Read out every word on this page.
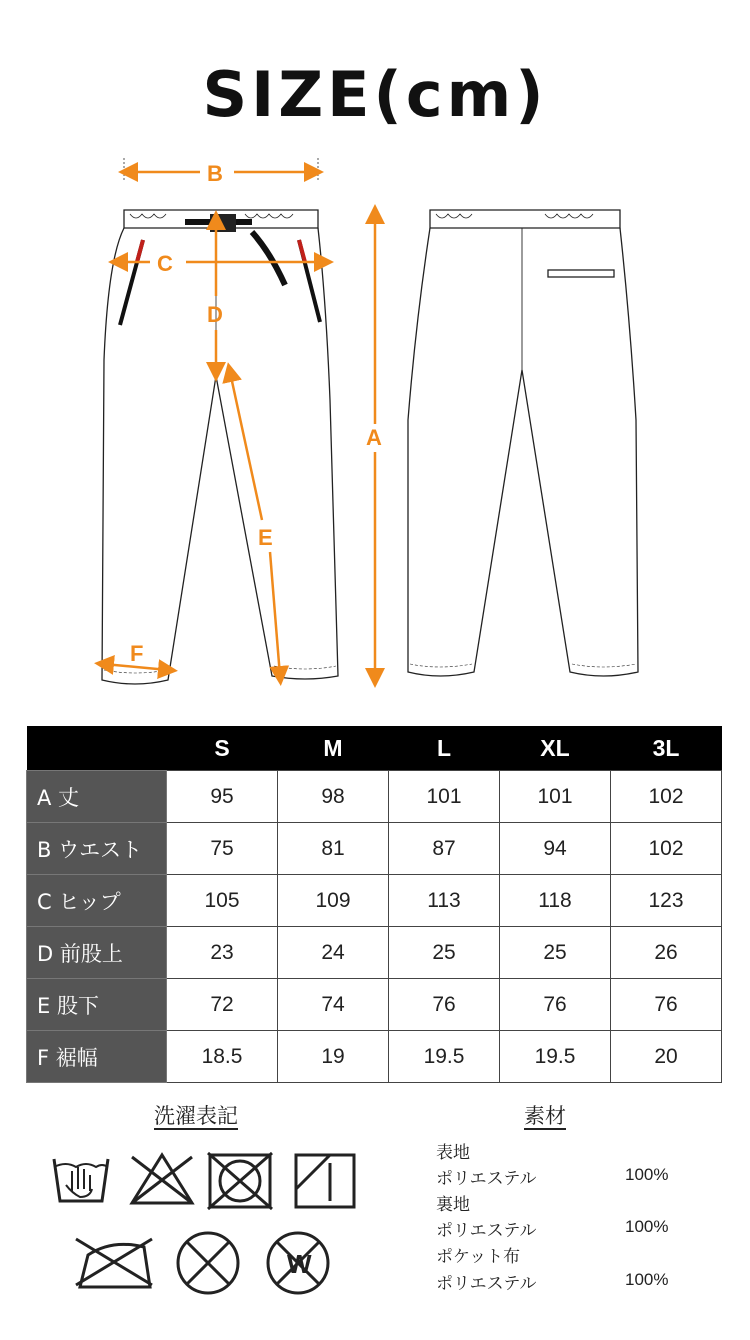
SIZE(cm)
B
C
D
A
E
F
	S	M	L	XL	3L
A 丈	95	98	101	101	102
B ウエスト	75	81	87	94	102
C ヒップ	105	109	113	118	123
D 前股上	23	24	25	25	26
E 股下	72	74	76	76	76
F 裾幅	18.5	19	19.5	19.5	20
洗濯表記
W
素材
表地
ポリエステル	100%
裏地
ポリエステル	100%
ポケット布
ポリエステル	100%
